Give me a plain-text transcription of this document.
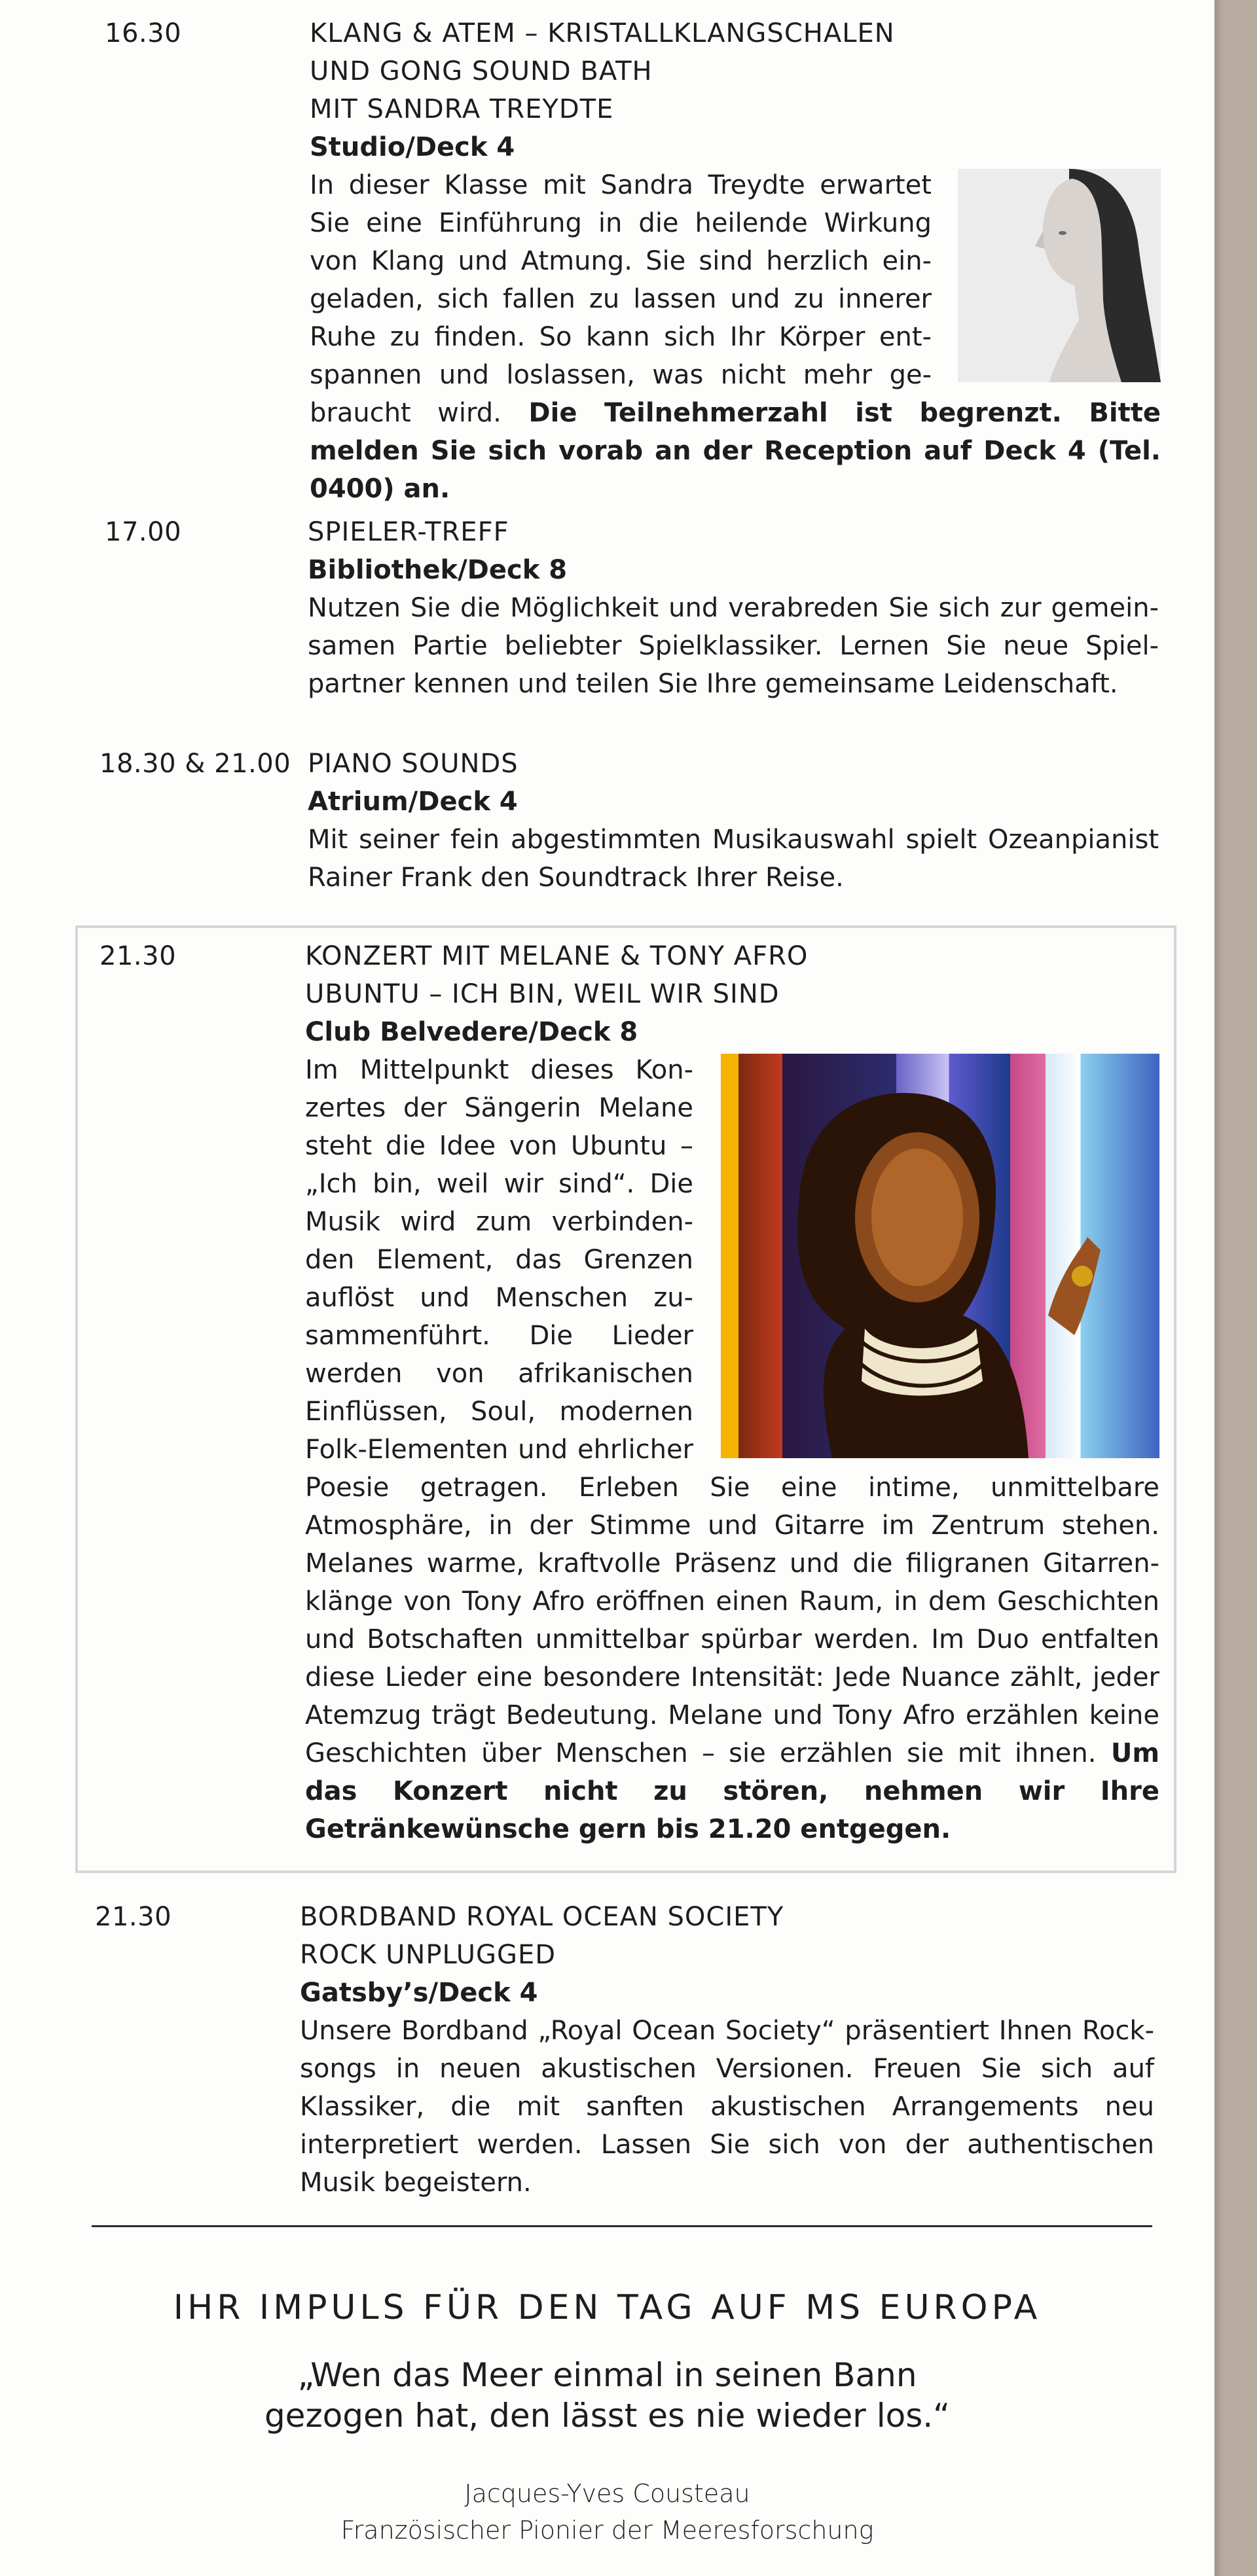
16.30	KLANG & ATEM – KRISTALLKLANGSCHALEN
UND GONG SOUND BATH
MIT SANDRA TREYDTE

Studio/Deck 4

In dieser Klasse mit Sandra Treydte erwartet Sie eine Einführung in die heilende Wirkung von Klang und Atmung. Sie sind herzlich eingeladen, sich fallen zu lassen und zu innerer Ruhe zu finden. So kann sich Ihr Körper entspannen und loslassen, was nicht mehr gebraucht wird. Die Teilnehmerzahl ist begrenzt. Bitte melden Sie sich vorab an der Reception auf Deck 4 (Tel. 0400) an.

17.00	SPIELER-TREFF

Bibliothek/Deck 8

Nutzen Sie die Möglichkeit und verabreden Sie sich zur gemeinsamen Partie beliebter Spielklassiker. Lernen Sie neue Spielpartner kennen und teilen Sie Ihre gemeinsame Leidenschaft.

18.30 & 21.00 PIANO SOUNDS

Atrium/Deck 4

Mit seiner fein abgestimmten Musikauswahl spielt Ozeanpianist Rainer Frank den Soundtrack Ihrer Reise.

21.30	KONZERT MIT MELANE & TONY AFRO
UBUNTU – ICH BIN, WEIL WIR SIND

Club Belvedere/Deck 8

Im Mittelpunkt dieses Konzertes der Sängerin Melane steht die Idee von Ubuntu – „Ich bin, weil wir sind“. Die Musik wird zum verbindenden Element, das Grenzen auflöst und Menschen zusammenführt. Die Lieder werden von afrikanischen Einflüssen, Soul, modernen Folk-Elementen und ehrlicher Poesie getragen. Erleben Sie eine intime, unmittelbare Atmosphäre, in der Stimme und Gitarre im Zentrum stehen. Melanes warme, kraftvolle Präsenz und die filigranen Gitarrenklänge von Tony Afro eröffnen einen Raum, in dem Geschichten und Botschaften unmittelbar spürbar werden. Im Duo entfalten diese Lieder eine besondere Intensität: Jede Nuance zählt, jeder Atemzug trägt Bedeutung. Melane und Tony Afro erzählen keine Geschichten über Menschen – sie erzählen sie mit ihnen. Um das Konzert nicht zu stören, nehmen wir Ihre Getränkewünsche gern bis 21.20 entgegen.

21.30	BORDBAND ROYAL OCEAN SOCIETY
ROCK UNPLUGGED

Gatsby’s/Deck 4

Unsere Bordband „Royal Ocean Society“ präsentiert Ihnen Rocksongs in neuen akustischen Versionen. Freuen Sie sich auf Klassiker, die mit sanften akustischen Arrangements neu interpretiert werden. Lassen Sie sich von der authentischen Musik begeistern.

IHR IMPULS FÜR DEN TAG AUF MS EUROPA
„Wen das Meer einmal in seinen Bann
gezogen hat, den lässt es nie wieder los.“
Jacques-Yves Cousteau
Französischer Pionier der Meeresforschung
